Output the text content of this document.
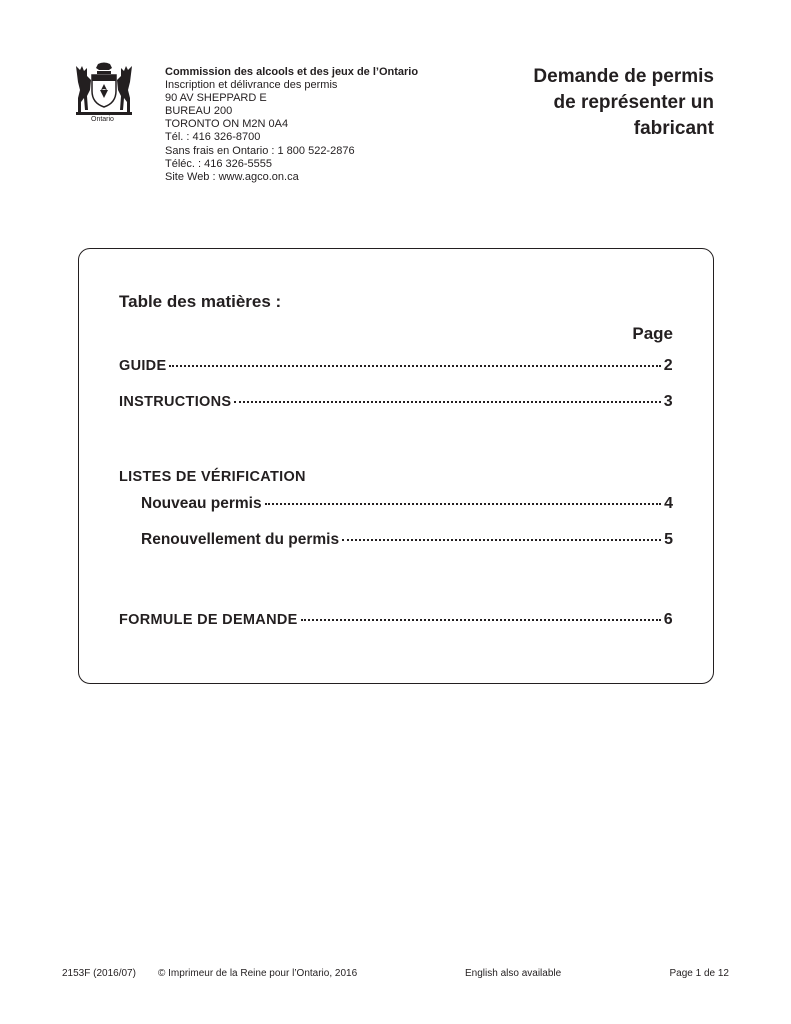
Ontario
Commission des alcools et des jeux de l’Ontario
Inscription et délivrance des permis
90 AV SHEPPARD E
BUREAU 200
TORONTO ON M2N 0A4
Tél. : 416 326-8700
Sans frais en Ontario : 1 800 522-2876
Téléc. : 416 326-5555
Site Web : www.agco.on.ca
Demande de permis
de représenter un
fabricant
Table des matières :
Page
GUIDE	2
INSTRUCTIONS	3
LISTES DE VÉRIFICATION
Nouveau permis	4
Renouvellement du permis	5
FORMULE DE DEMANDE	6
2153F (2016/07) © Imprimeur de la Reine pour l’Ontario, 2016	English also available	Page 1 de 12
